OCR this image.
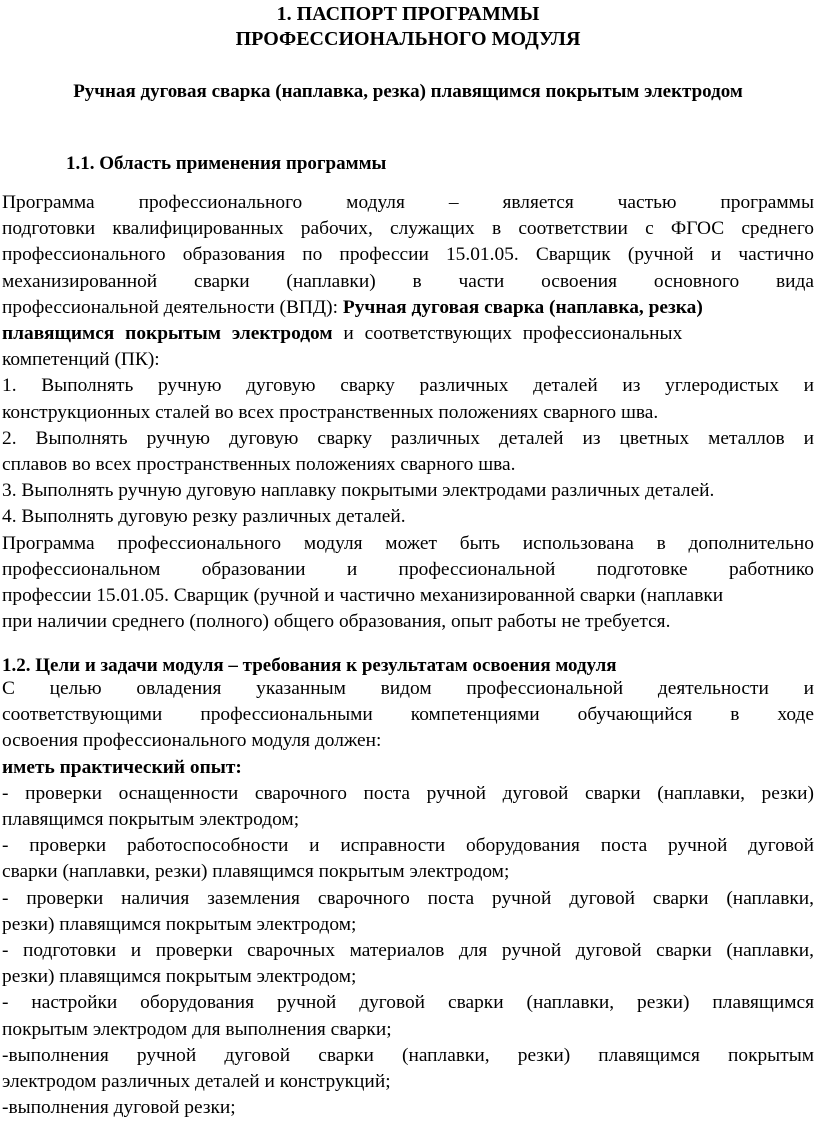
1. ПАСПОРТ ПРОГРАММЫ
ПРОФЕССИОНАЛЬНОГО МОДУЛЯ
Ручная дуговая сварка (наплавка, резка) плавящимся покрытым электродом
1.1. Область применения программы
Программа профессионального модуля – является частью программы
подготовки квалифицированных рабочих, служащих в соответствии с ФГОС среднего
профессионального образования по профессии 15.01.05. Сварщик (ручной и частично
механизированной сварки (наплавки) в части освоения основного вида
профессиональной деятельности (ВПД): Ручная дуговая сварка (наплавка, резка)
плавящимся покрытым электродом и соответствующих профессиональных
компетенций (ПК):
1. Выполнять ручную дуговую сварку различных деталей из углеродистых и
конструкционных сталей во всех пространственных положениях сварного шва.
2. Выполнять ручную дуговую сварку различных деталей из цветных металлов и
сплавов во всех пространственных положениях сварного шва.
3. Выполнять ручную дуговую наплавку покрытыми электродами различных деталей.
4. Выполнять дуговую резку различных деталей.
Программа профессионального модуля может быть использована в дополнительно
профессиональном образовании и профессиональной подготовке работнико
профессии 15.01.05. Сварщик (ручной и частично механизированной сварки (наплавки
при наличии среднего (полного) общего образования, опыт работы не требуется.
1.2. Цели и задачи модуля – требования к результатам освоения модуля
С целью овладения указанным видом профессиональной деятельности и
соответствующими профессиональными компетенциями обучающийся в ходе
освоения профессионального модуля должен:
иметь практический опыт:
- проверки оснащенности сварочного поста ручной дуговой сварки (наплавки, резки)
плавящимся покрытым электродом;
- проверки работоспособности и исправности оборудования поста ручной дуговой
сварки (наплавки, резки) плавящимся покрытым электродом;
- проверки наличия заземления сварочного поста ручной дуговой сварки (наплавки,
резки) плавящимся покрытым электродом;
- подготовки и проверки сварочных материалов для ручной дуговой сварки (наплавки,
резки) плавящимся покрытым электродом;
- настройки оборудования ручной дуговой сварки (наплавки, резки) плавящимся
покрытым электродом для выполнения сварки;
-выполнения ручной дуговой сварки (наплавки, резки) плавящимся покрытым
электродом различных деталей и конструкций;
-выполнения дуговой резки;
